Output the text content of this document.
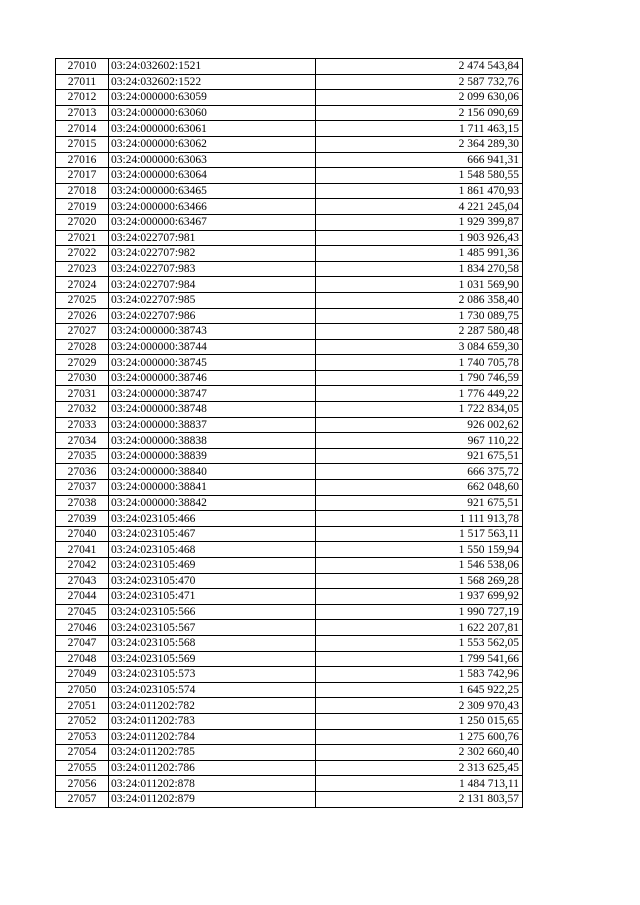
27010	03:24:032602:1521	2 474 543,84
27011	03:24:032602:1522	2 587 732,76
27012	03:24:000000:63059	2 099 630,06
27013	03:24:000000:63060	2 156 090,69
27014	03:24:000000:63061	1 711 463,15
27015	03:24:000000:63062	2 364 289,30
27016	03:24:000000:63063	666 941,31
27017	03:24:000000:63064	1 548 580,55
27018	03:24:000000:63465	1 861 470,93
27019	03:24:000000:63466	4 221 245,04
27020	03:24:000000:63467	1 929 399,87
27021	03:24:022707:981	1 903 926,43
27022	03:24:022707:982	1 485 991,36
27023	03:24:022707:983	1 834 270,58
27024	03:24:022707:984	1 031 569,90
27025	03:24:022707:985	2 086 358,40
27026	03:24:022707:986	1 730 089,75
27027	03:24:000000:38743	2 287 580,48
27028	03:24:000000:38744	3 084 659,30
27029	03:24:000000:38745	1 740 705,78
27030	03:24:000000:38746	1 790 746,59
27031	03:24:000000:38747	1 776 449,22
27032	03:24:000000:38748	1 722 834,05
27033	03:24:000000:38837	926 002,62
27034	03:24:000000:38838	967 110,22
27035	03:24:000000:38839	921 675,51
27036	03:24:000000:38840	666 375,72
27037	03:24:000000:38841	662 048,60
27038	03:24:000000:38842	921 675,51
27039	03:24:023105:466	1 111 913,78
27040	03:24:023105:467	1 517 563,11
27041	03:24:023105:468	1 550 159,94
27042	03:24:023105:469	1 546 538,06
27043	03:24:023105:470	1 568 269,28
27044	03:24:023105:471	1 937 699,92
27045	03:24:023105:566	1 990 727,19
27046	03:24:023105:567	1 622 207,81
27047	03:24:023105:568	1 553 562,05
27048	03:24:023105:569	1 799 541,66
27049	03:24:023105:573	1 583 742,96
27050	03:24:023105:574	1 645 922,25
27051	03:24:011202:782	2 309 970,43
27052	03:24:011202:783	1 250 015,65
27053	03:24:011202:784	1 275 600,76
27054	03:24:011202:785	2 302 660,40
27055	03:24:011202:786	2 313 625,45
27056	03:24:011202:878	1 484 713,11
27057	03:24:011202:879	2 131 803,57
